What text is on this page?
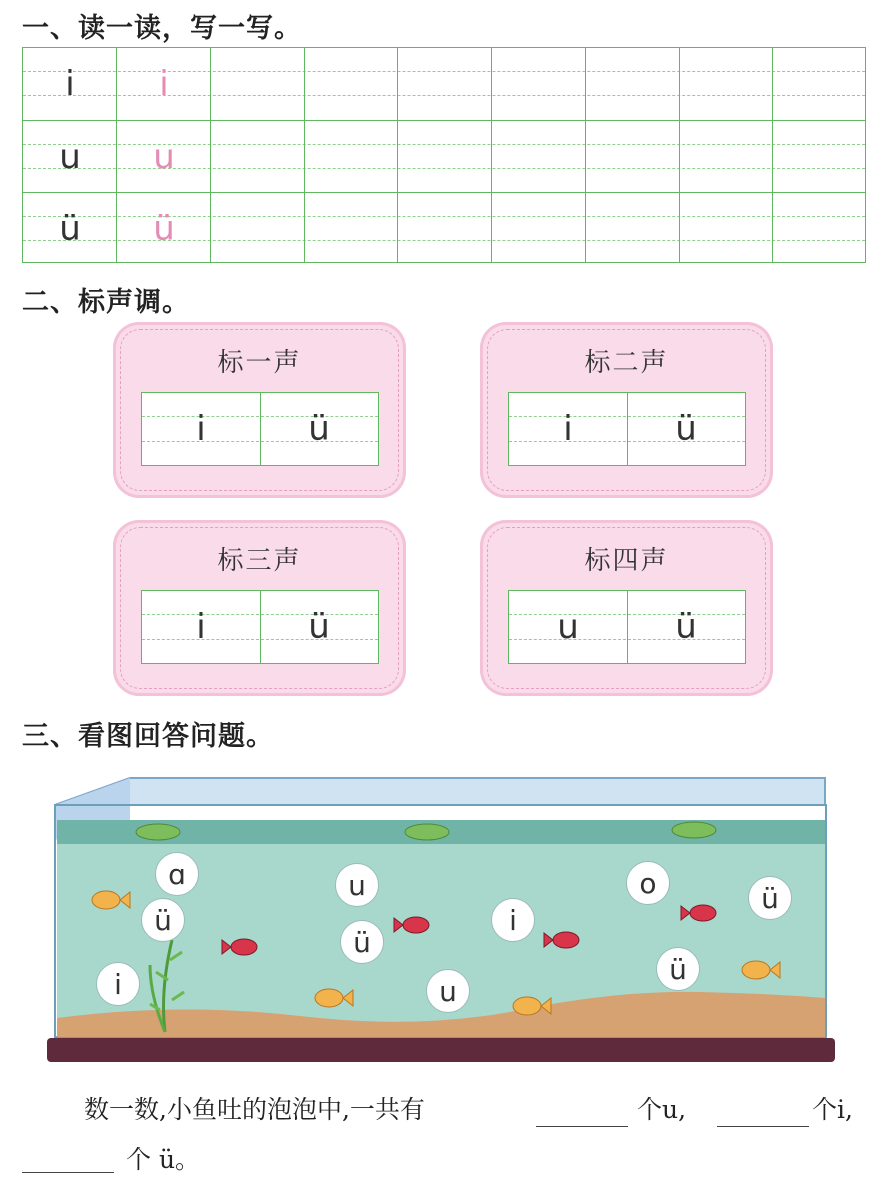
一、读一读，写一写。
i	i
u	u
ü	ü
二、标声调。
标一声
i	ü
标二声
i	ü
标三声
i	ü
标四声
u	ü
三、看图回答问题。
ɑ
ü
i
u
ü
u
i
o	ü
ü
数一数,小鱼吐的泡泡中,一共有	个u,	个i,
个 ü。
